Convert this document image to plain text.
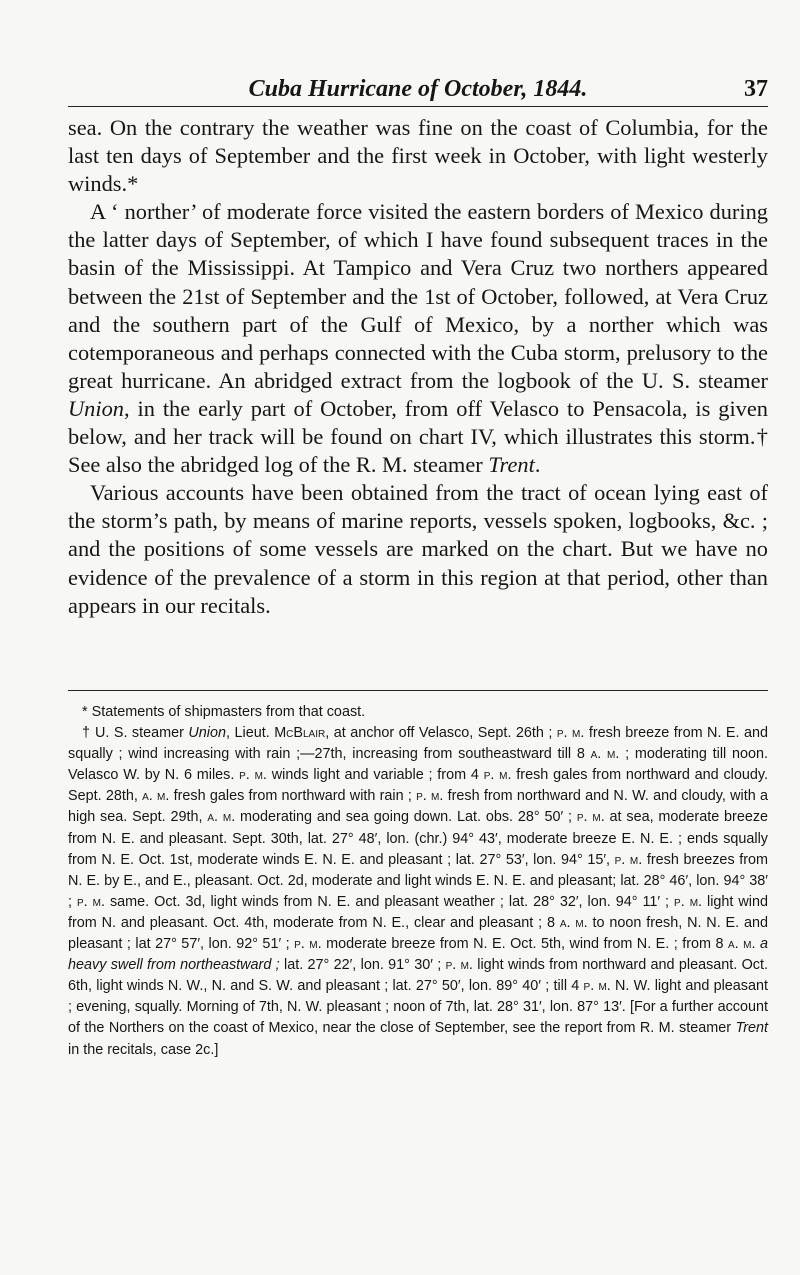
Cuba Hurricane of October, 1844.	37

sea. On the contrary the weather was fine on the coast of Columbia, for the last ten days of September and the first week in October, with light westerly winds.*

A ‘ norther’ of moderate force visited the eastern borders of Mexico during the latter days of September, of which I have found subsequent traces in the basin of the Mississippi. At Tampico and Vera Cruz two northers appeared between the 21st of September and the 1st of October, followed, at Vera Cruz and the southern part of the Gulf of Mexico, by a norther which was cotemporaneous and perhaps connected with the Cuba storm, prelusory to the great hurricane. An abridged extract from the logbook of the U. S. steamer Union, in the early part of October, from off Velasco to Pensacola, is given below, and her track will be found on chart IV, which illustrates this storm.† See also the abridged log of the R. M. steamer Trent.

Various accounts have been obtained from the tract of ocean lying east of the storm’s path, by means of marine reports, vessels spoken, logbooks, &c. ; and the positions of some vessels are marked on the chart. But we have no evidence of the prevalence of a storm in this region at that period, other than appears in our recitals.

* Statements of shipmasters from that coast.

† U. S. steamer Union, Lieut. McBlair, at anchor off Velasco, Sept. 26th ; p. m. fresh breeze from N. E. and squally ; wind increasing with rain ;—27th, increasing from southeastward till 8 a. m. ; moderating till noon. Velasco W. by N. 6 miles. p. m. winds light and variable ; from 4 p. m. fresh gales from northward and cloudy. Sept. 28th, a. m. fresh gales from northward with rain ; p. m. fresh from northward and N. W. and cloudy, with a high sea. Sept. 29th, a. m. moderating and sea going down. Lat. obs. 28° 50′ ; p. m. at sea, moderate breeze from N. E. and pleasant. Sept. 30th, lat. 27° 48′, lon. (chr.) 94° 43′, moderate breeze E. N. E. ; ends squally from N. E. Oct. 1st, moderate winds E. N. E. and pleasant ; lat. 27° 53′, lon. 94° 15′, p. m. fresh breezes from N. E. by E., and E., pleasant. Oct. 2d, moderate and light winds E. N. E. and pleasant; lat. 28° 46′, lon. 94° 38′ ; p. m. same. Oct. 3d, light winds from N. E. and pleasant weather ; lat. 28° 32′, lon. 94° 11′ ; p. m. light wind from N. and pleasant. Oct. 4th, moderate from N. E., clear and pleasant ; 8 a. m. to noon fresh, N. N. E. and pleasant ; lat 27° 57′, lon. 92° 51′ ; p. m. moderate breeze from N. E. Oct. 5th, wind from N. E. ; from 8 a. m. a heavy swell from northeastward ; lat. 27° 22′, lon. 91° 30′ ; p. m. light winds from northward and pleasant. Oct. 6th, light winds N. W., N. and S. W. and pleasant ; lat. 27° 50′, lon. 89° 40′ ; till 4 p. m. N. W. light and pleasant ; evening, squally. Morning of 7th, N. W. pleasant ; noon of 7th, lat. 28° 31′, lon. 87° 13′. [For a further account of the Northers on the coast of Mexico, near the close of September, see the report from R. M. steamer Trent in the recitals, case 2c.]
